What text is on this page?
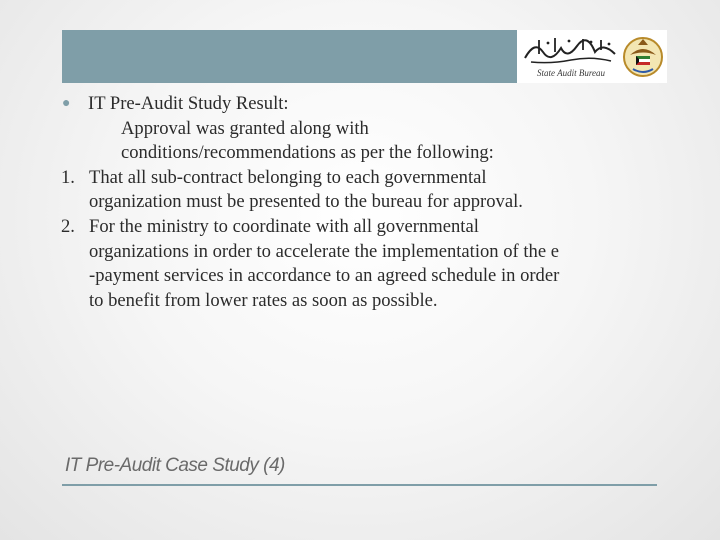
State Audit Bureau
● IT Pre-Audit Study Result:
Approval was granted along with
conditions/recommendations as per the following:
1. That all sub-contract belonging to each governmental
organization must be presented to the bureau for approval.
2. For the ministry to coordinate with all governmental
organizations in order to accelerate the implementation of the e
-payment services in accordance to an agreed schedule in order
to benefit from lower rates as soon as possible.
IT Pre-Audit Case Study (4)
